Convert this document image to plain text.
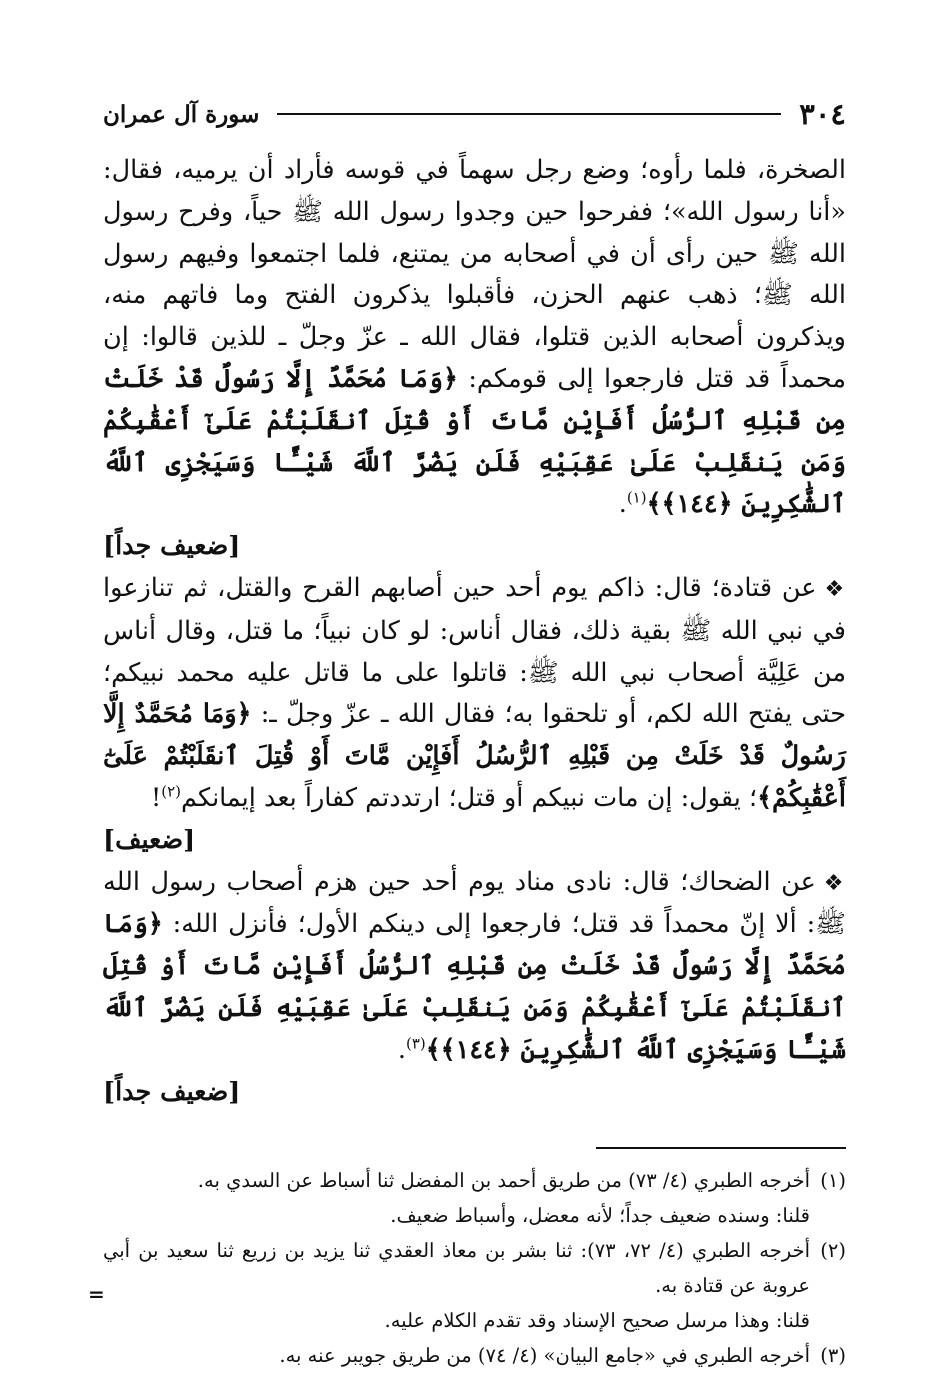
٣٠٤
سورة آل عمران

الصخرة، فلما رأوه؛ وضع رجل سهماً في قوسه فأراد أن يرميه، فقال: «أنا رسول الله»؛ ففرحوا حين وجدوا رسول الله ﷺ حياً، وفرح رسول الله ﷺ حين رأى أن في أصحابه من يمتنع، فلما اجتمعوا وفيهم رسول الله ﷺ؛ ذهب عنهم الحزن، فأقبلوا يذكرون الفتح وما فاتهم منه، ويذكرون أصحابه الذين قتلوا، فقال الله ـ عزّ وجلّ ـ للذين قالوا: إن محمداً قد قتل فارجعوا إلى قومكم: ﴿وَمَا مُحَمَّدٌ إِلَّا رَسُولٌ قَدْ خَلَتْ مِن قَبْلِهِ ٱلرُّسُلُ أَفَإِيْن مَّاتَ أَوْ قُتِلَ ٱنقَلَبْتُمْ عَلَىٰٓ أَعْقَٰبِكُمْ وَمَن يَنقَلِبْ عَلَىٰ عَقِبَيْهِ فَلَن يَضُرَّ ٱللَّهَ شَيْـًٔا وَسَيَجْزِى ٱللَّهُ ٱلشَّٰكِرِينَ ﴿١٤٤﴾﴾$^{(١)}$.

[ضعيف جداً]

❖عن قتادة؛ قال: ذاكم يوم أحد حين أصابهم القرح والقتل، ثم تنازعوا في نبي الله ﷺ بقية ذلك، فقال أناس: لو كان نبياً؛ ما قتل، وقال أناس من عَلِيَّة أصحاب نبي الله ﷺ: قاتلوا على ما قاتل عليه محمد نبيكم؛ حتى يفتح الله لكم، أو تلحقوا به؛ فقال الله ـ عزّ وجلّ ـ: ﴿وَمَا مُحَمَّدٌ إِلَّا رَسُولٌ قَدْ خَلَتْ مِن قَبْلِهِ ٱلرُّسُلُ أَفَإِيْن مَّاتَ أَوْ قُتِلَ ٱنقَلَبْتُمْ عَلَىٰٓ أَعْقَٰبِكُمْ﴾؛ يقول: إن مات نبيكم أو قتل؛ ارتددتم كفاراً بعد إيمانكم$^{(٢)}$!

[ضعيف]

❖عن الضحاك؛ قال: نادى مناد يوم أحد حين هزم أصحاب رسول الله ﷺ: ألا إنّ محمداً قد قتل؛ فارجعوا إلى دينكم الأول؛ فأنزل الله: ﴿وَمَا مُحَمَّدٌ إِلَّا رَسُولٌ قَدْ خَلَتْ مِن قَبْلِهِ ٱلرُّسُلُ أَفَإِيْن مَّاتَ أَوْ قُتِلَ ٱنقَلَبْتُمْ عَلَىٰٓ أَعْقَٰبِكُمْ وَمَن يَنقَلِبْ عَلَىٰ عَقِبَيْهِ فَلَن يَضُرَّ ٱللَّهَ شَيْـًٔا وَسَيَجْزِى ٱللَّهُ ٱلشَّٰكِرِينَ ﴿١٤٤﴾﴾$^{(٣)}$.

[ضعيف جداً]
(١)
أخرجه الطبري (٤/ ٧٣) من طريق أحمد بن المفضل ثنا أسباط عن السدي به.
قلنا: وسنده ضعيف جداً؛ لأنه معضل، وأسباط ضعيف.
(٢)
أخرجه الطبري (٤/ ٧٢، ٧٣): ثنا بشر بن معاذ العقدي ثنا يزيد بن زريع ثنا سعيد بن أبي عروبة عن قتادة به.
قلنا: وهذا مرسل صحيح الإسناد وقد تقدم الكلام عليه.
(٣)
أخرجه الطبري في «جامع البيان» (٤/ ٧٤) من طريق جويبر عنه به.
=
